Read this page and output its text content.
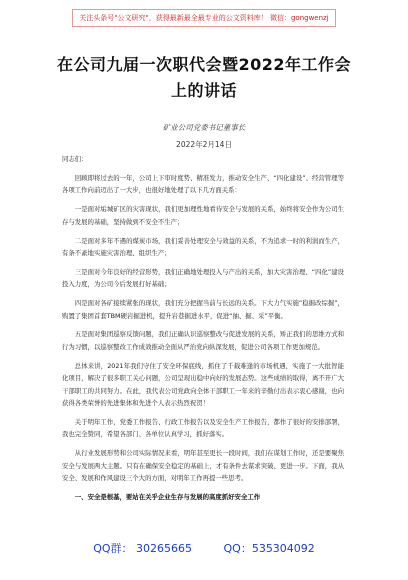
关注头条号"公文研究"，获得最新最全最专业的公文资料库！ 微信：gongwenzj
在公司九届一次职代会暨2022年工作会
上的讲话
矿业公司党委书记董事长
2022年2月14日

同志们：

回顾即将过去的一年，公司上下审时度势、精准发力，推动安全生产、“四化建设”、经营管理等各项工作向前迈出了一大步，也很好地处理了以下几方面关系：

一是面对垢城矿区的灾害现状，我们更加理性地看待安全与发展的关系，始终将安全作为公司生存与发展的基础，坚持做到不安全不生产；

二是面对多年不遇的煤炭市场，我们妥善处理安全与效益的关系，不为追求一时的利润而生产，有条不紊地实施灾害治理、组织生产；

三是面对今年良好的经营形势，我们正确地处理投入与产出的关系，加大灾害治理、“四化”建设投入力度，为公司今后发展打好基础；

四是面对各矿接续紧张的现状，我们充分把握当前与长远的关系。下大力气实施“稳掘改综掘”，购置了集团首套TBM硬岩掘进机，提升岩巷掘进水平，促进“抽、掘、采”平衡。

五是面对集团巡察反馈问题，我们正确认识巡察整改与促进发展的关系，矫正我们的思维方式和行为习惯，以巡察整改工作成效推动全面从严治党向纵深发展，促进公司各项工作更加规范。

总体来讲，2021年我们守住了安全环保底线，抓住了千载难逢的市场机遇，实施了一大批智能化项目，解决了很多职工关心问题，公司呈现出稳中向好的发展态势。这些成绩的取得，离不开广大干部职工的共同努力。在此，我代表公司党政向全体干部职工一年来的辛勤付出表示衷心感谢，也向获得各类荣誉的先进集体和先进个人表示热烈祝贺！

关于明年工作，党委工作报告、行政工作报告以及安全生产工作报告，都作了很好的安排部署，我也完全赞同，希望各部门、各单位认真学习，抓好落实。

从行业发展形势和公司实际情况来看，明年甚至更长一段时间，我们在谋划工作时，还是要聚焦安全与发展两大主题。只有在确保安全稳定的基础上，才有条件去谋求突破、更进一步。下面，我从安全、发展和作风建设三个大的方面，对明年工作再提一些思考。

一、安全是根基，要站在关乎企业生存与发展的高度抓好安全工作

QQ群： 30265665	QQ：535304092
